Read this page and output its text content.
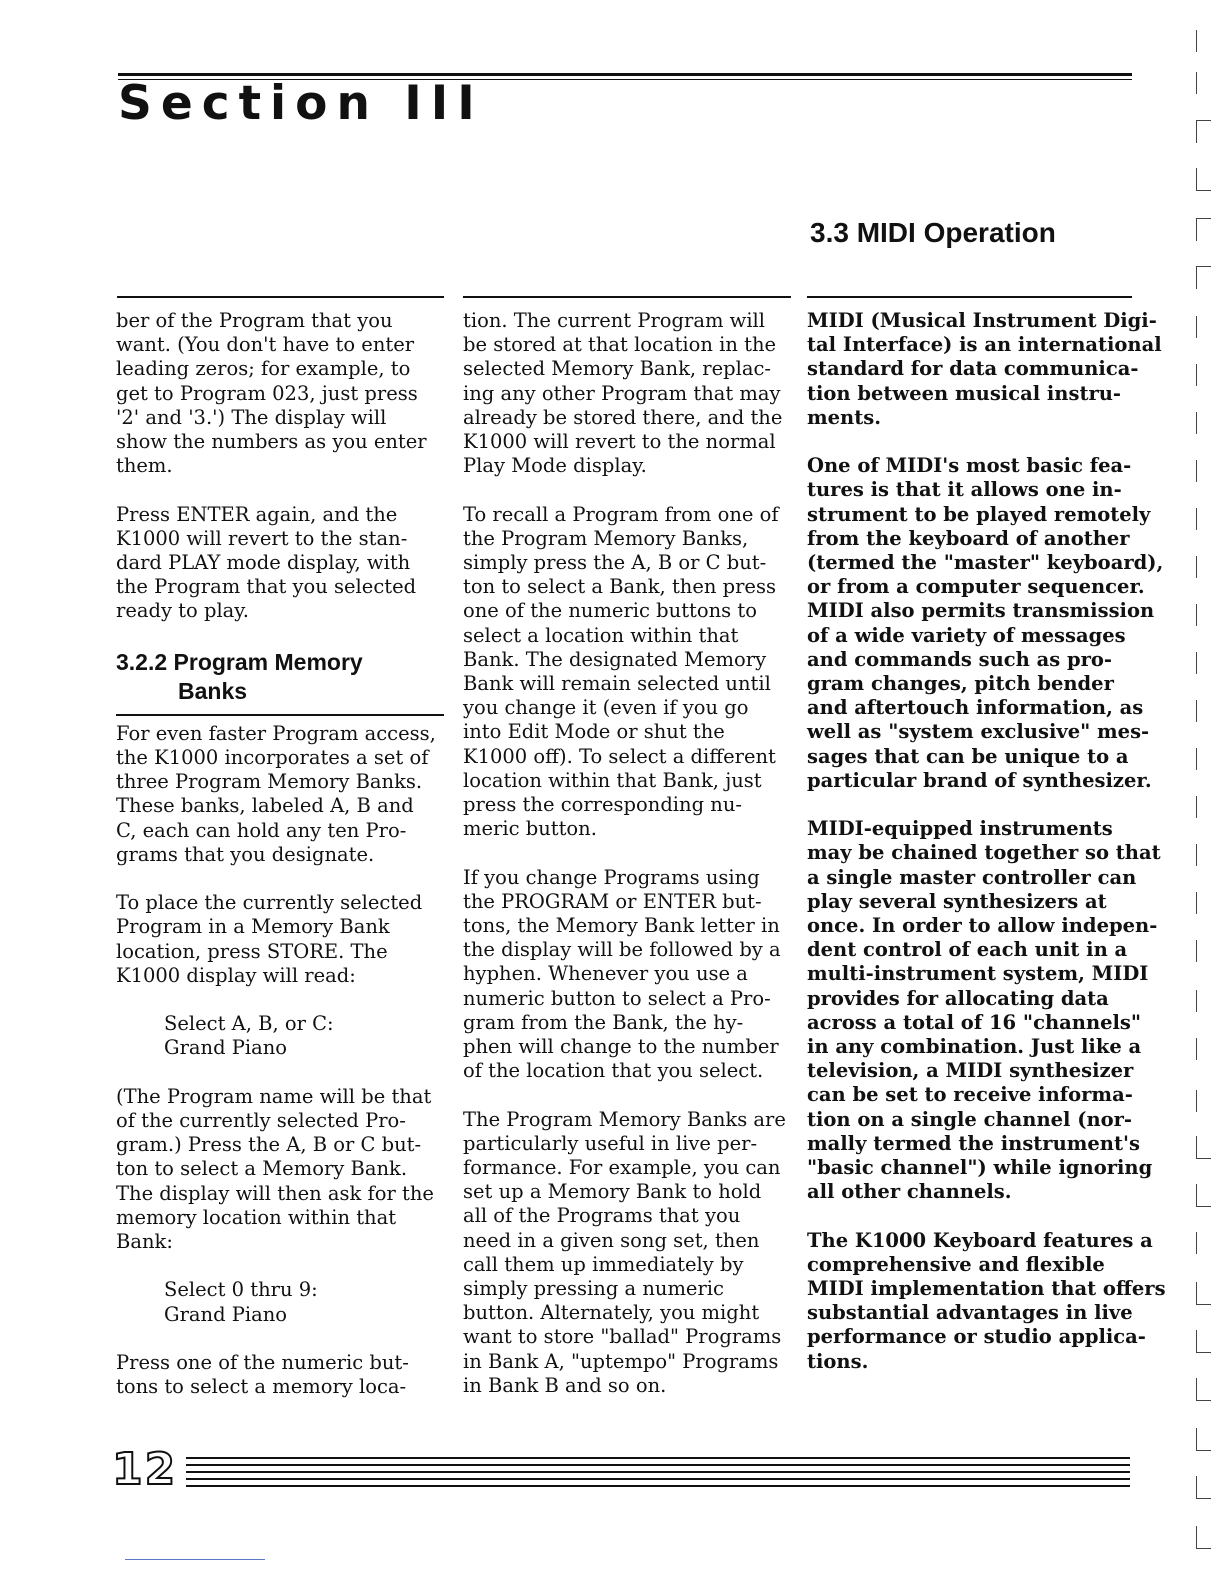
Section III
3.3 MIDI Operation

ber of the Program that you
want. (You don't have to enter
leading zeros; for example, to
get to Program 023, just press
'2' and '3.') The display will
show the numbers as you enter
them.

Press ENTER again, and the
K1000 will revert to the stan-
dard PLAY mode display, with
the Program that you selected
ready to play.

3.2.2 Program Memory
Banks

For even faster Program access,
the K1000 incorporates a set of
three Program Memory Banks.
These banks, labeled A, B and
C, each can hold any ten Pro-
grams that you designate.

To place the currently selected
Program in a Memory Bank
location, press STORE. The
K1000 display will read:

Select A, B, or C:
Grand Piano

(The Program name will be that
of the currently selected Pro-
gram.) Press the A, B or C but-
ton to select a Memory Bank.
The display will then ask for the
memory location within that
Bank:

Select 0 thru 9:
Grand Piano

Press one of the numeric but-
tons to select a memory loca-

tion. The current Program will
be stored at that location in the
selected Memory Bank, replac-
ing any other Program that may
already be stored there, and the
K1000 will revert to the normal
Play Mode display.

To recall a Program from one of
the Program Memory Banks,
simply press the A, B or C but-
ton to select a Bank, then press
one of the numeric buttons to
select a location within that
Bank. The designated Memory
Bank will remain selected until
you change it (even if you go
into Edit Mode or shut the
K1000 off). To select a different
location within that Bank, just
press the corresponding nu-
meric button.

If you change Programs using
the PROGRAM or ENTER but-
tons, the Memory Bank letter in
the display will be followed by a
hyphen. Whenever you use a
numeric button to select a Pro-
gram from the Bank, the hy-
phen will change to the number
of the location that you select.

The Program Memory Banks are
particularly useful in live per-
formance. For example, you can
set up a Memory Bank to hold
all of the Programs that you
need in a given song set, then
call them up immediately by
simply pressing a numeric
button. Alternately, you might
want to store "ballad" Programs
in Bank A, "uptempo" Programs
in Bank B and so on.

MIDI (Musical Instrument Digi-
tal Interface) is an international
standard for data communica-
tion between musical instru-
ments.

One of MIDI's most basic fea-
tures is that it allows one in-
strument to be played remotely
from the keyboard of another
(termed the "master" keyboard),
or from a computer sequencer.
MIDI also permits transmission
of a wide variety of messages
and commands such as pro-
gram changes, pitch bender
and aftertouch information, as
well as "system exclusive" mes-
sages that can be unique to a
particular brand of synthesizer.

MIDI-equipped instruments
may be chained together so that
a single master controller can
play several synthesizers at
once. In order to allow indepen-
dent control of each unit in a
multi-instrument system, MIDI
provides for allocating data
across a total of 16 "channels"
in any combination. Just like a
television, a MIDI synthesizer
can be set to receive informa-
tion on a single channel (nor-
mally termed the instrument's
"basic channel") while ignoring
all other channels.

The K1000 Keyboard features a
comprehensive and flexible
MIDI implementation that offers
substantial advantages in live
performance or studio applica-
tions.

12
